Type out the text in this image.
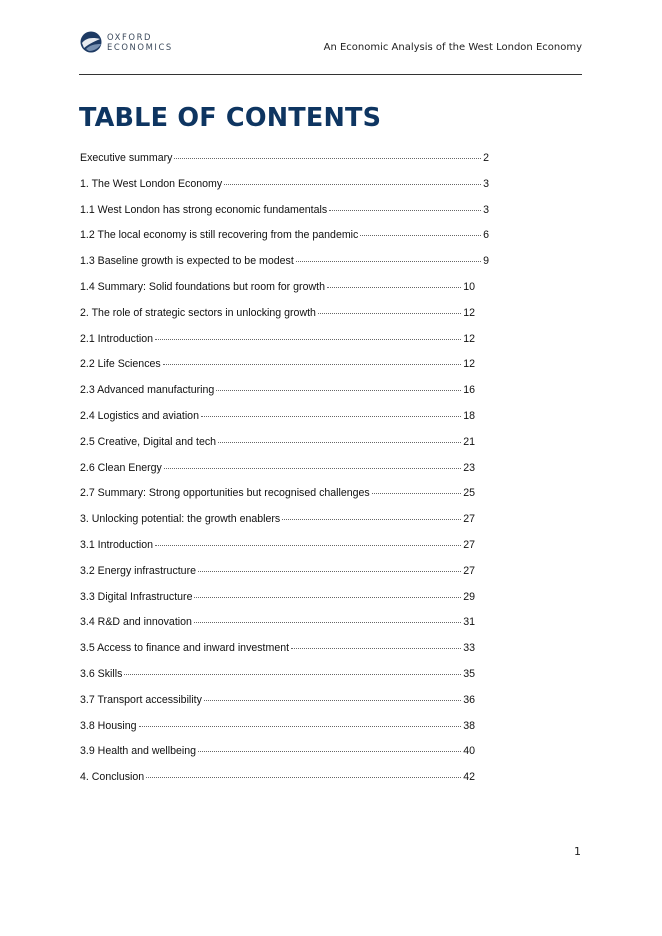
OXFORD
ECONOMICS	An Economic Analysis of the West London Economy
TABLE OF CONTENTS
Executive summary	2
1. The West London Economy	3
1.1 West London has strong economic fundamentals	3
1.2 The local economy is still recovering from the pandemic	6
1.3 Baseline growth is expected to be modest	9
1.4 Summary: Solid foundations but room for growth	10
2. The role of strategic sectors in unlocking growth	12
2.1 Introduction	12
2.2 Life Sciences	12
2.3 Advanced manufacturing	16
2.4 Logistics and aviation	18
2.5 Creative, Digital and tech	21
2.6 Clean Energy	23
2.7 Summary: Strong opportunities but recognised challenges	25
3. Unlocking potential: the growth enablers	27
3.1 Introduction	27
3.2 Energy infrastructure	27
3.3 Digital Infrastructure	29
3.4 R&D and innovation	31
3.5 Access to finance and inward investment	33
3.6 Skills	35
3.7 Transport accessibility	36
3.8 Housing	38
3.9 Health and wellbeing	40
4. Conclusion	42
1
